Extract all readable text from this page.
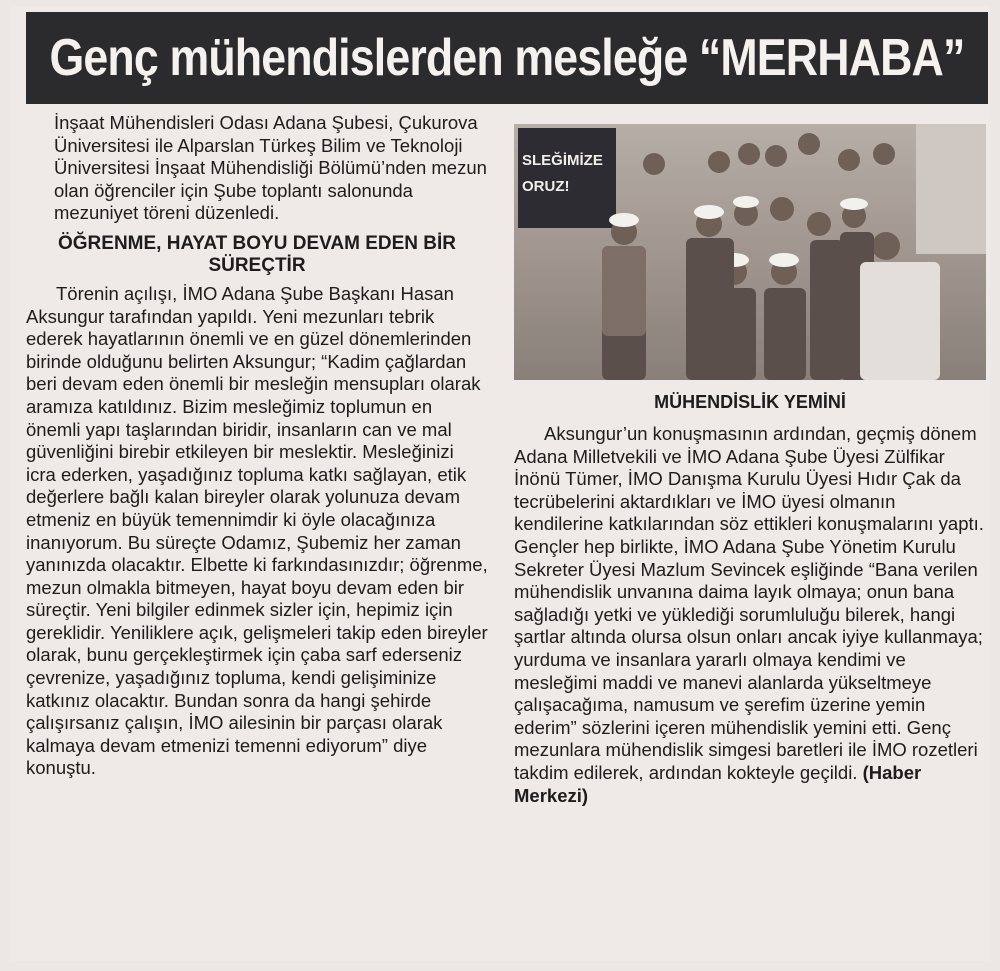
Genç mühendislerden mesleğe “MERHABA”

İnşaat Mühendisleri Odası Adana Şubesi, Çukurova Üniversitesi ile Alparslan Türkeş Bilim ve Teknoloji Üniversitesi İnşaat Mühendisliği Bölümü’nden mezun olan öğrenciler için Şube toplantı salonunda mezuniyet töreni düzenledi.

ÖĞRENME, HAYAT BOYU DEVAM EDEN BİR SÜREÇTİR

Törenin açılışı, İMO Adana Şube Başkanı Hasan Aksungur tarafından yapıldı. Yeni mezunları tebrik ederek hayatlarının önemli ve en güzel dönemlerinden birinde olduğunu belirten Aksungur; “Kadim çağlardan beri devam eden önemli bir mesleğin mensupları olarak aramıza katıldınız. Bizim mesleğimiz toplumun en önemli yapı taşlarından biridir, insanların can ve mal güvenliğini birebir etkileyen bir meslektir. Mesleğinizi icra ederken, yaşadığınız topluma katkı sağlayan, etik değerlere bağlı kalan bireyler olarak yolunuza devam etmeniz en büyük temennimdir ki öyle olacağınıza inanıyorum. Bu süreçte Odamız, Şubemiz her zaman yanınızda olacaktır. Elbette ki farkındasınızdır; öğrenme, mezun olmakla bitmeyen, hayat boyu devam eden bir süreçtir. Yeni bilgiler edinmek sizler için, hepimiz için gereklidir. Yeniliklere açık, gelişmeleri takip eden bireyler olarak, bunu gerçekleştirmek için çaba sarf ederseniz çevrenize, yaşadığınız topluma, kendi gelişiminize katkınız olacaktır. Bundan sonra da hangi şehirde çalışırsanız çalışın, İMO ailesinin bir parçası olarak kalmaya devam etmenizi temenni ediyorum” diye konuştu.

SLEĞİMİZE ORUZ!
MÜHENDİSLİK YEMİNİ

Aksungur’un konuşmasının ardından, geçmiş dönem Adana Milletvekili ve İMO Adana Şube Üyesi Zülfikar İnönü Tümer, İMO Danışma Kurulu Üyesi Hıdır Çak da tecrübelerini aktardıkları ve İMO üyesi olmanın kendilerine katkılarından söz ettikleri konuşmalarını yaptı. Gençler hep birlikte, İMO Adana Şube Yönetim Kurulu Sekreter Üyesi Mazlum Sevincek eşliğinde “Bana verilen mühendislik unvanına daima layık olmaya; onun bana sağladığı yetki ve yüklediği sorumluluğu bilerek, hangi şartlar altında olursa olsun onları ancak iyiye kullanmaya; yurduma ve insanlara yararlı olmaya kendimi ve mesleğimi maddi ve manevi alanlarda yükseltmeye çalışacağıma, namusum ve şerefim üzerine yemin ederim” sözlerini içeren mühendislik yemini etti. Genç mezunlara mühendislik simgesi baretleri ile İMO rozetleri takdim edilerek, ardından kokteyle geçildi. (Haber Merkezi)
